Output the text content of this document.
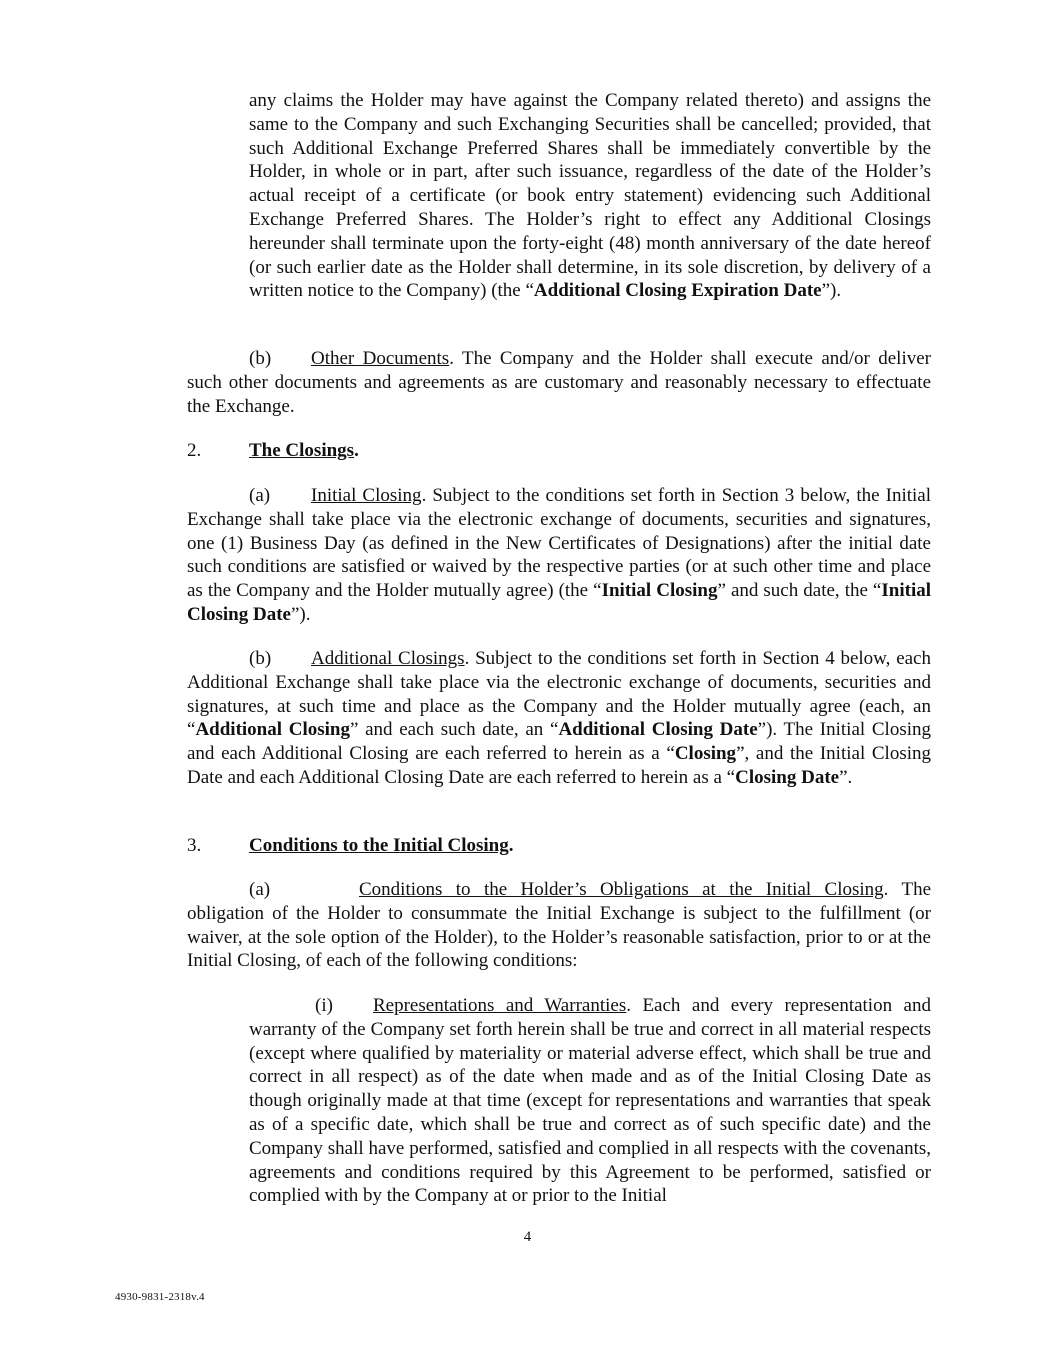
any claims the Holder may have against the Company related thereto) and assigns the same to the Company and such Exchanging Securities shall be cancelled; provided, that such Additional Exchange Preferred Shares shall be immediately convertible by the Holder, in whole or in part, after such issuance, regardless of the date of the Holder’s actual receipt of a certificate (or book entry statement) evidencing such Additional Exchange Preferred Shares. The Holder’s right to effect any Additional Closings hereunder shall terminate upon the forty-eight (48) month anniversary of the date hereof (or such earlier date as the Holder shall determine, in its sole discretion, by delivery of a written notice to the Company) (the “Additional Closing Expiration Date”).

(b) Other Documents. The Company and the Holder shall execute and/or deliver such other documents and agreements as are customary and reasonably necessary to effectuate the Exchange.

2.	The Closings.

(a) Initial Closing. Subject to the conditions set forth in Section 3 below, the Initial Exchange shall take place via the electronic exchange of documents, securities and signatures, one (1) Business Day (as defined in the New Certificates of Designations) after the initial date such conditions are satisfied or waived by the respective parties (or at such other time and place as the Company and the Holder mutually agree) (the “Initial Closing” and such date, the “Initial Closing Date”).

(b) Additional Closings. Subject to the conditions set forth in Section 4 below, each Additional Exchange shall take place via the electronic exchange of documents, securities and signatures, at such time and place as the Company and the Holder mutually agree (each, an “Additional Closing” and each such date, an “Additional Closing Date”). The Initial Closing and each Additional Closing are each referred to herein as a “Closing”, and the Initial Closing Date and each Additional Closing Date are each referred to herein as a “Closing Date”.

3.	Conditions to the Initial Closing.

(a)	Conditions to the Holder’s Obligations at the Initial Closing. The obligation of the Holder to consummate the Initial Exchange is subject to the fulfillment (or waiver, at the sole option of the Holder), to the Holder’s reasonable satisfaction, prior to or at the Initial Closing, of each of the following conditions:

(i) Representations and Warranties. Each and every representation and warranty of the Company set forth herein shall be true and correct in all material respects (except where qualified by materiality or material adverse effect, which shall be true and correct in all respect) as of the date when made and as of the Initial Closing Date as though originally made at that time (except for representations and warranties that speak as of a specific date, which shall be true and correct as of such specific date) and the Company shall have performed, satisfied and complied in all respects with the covenants, agreements and conditions required by this Agreement to be performed, satisfied or complied with by the Company at or prior to the Initial

4
4930-9831-2318v.4
